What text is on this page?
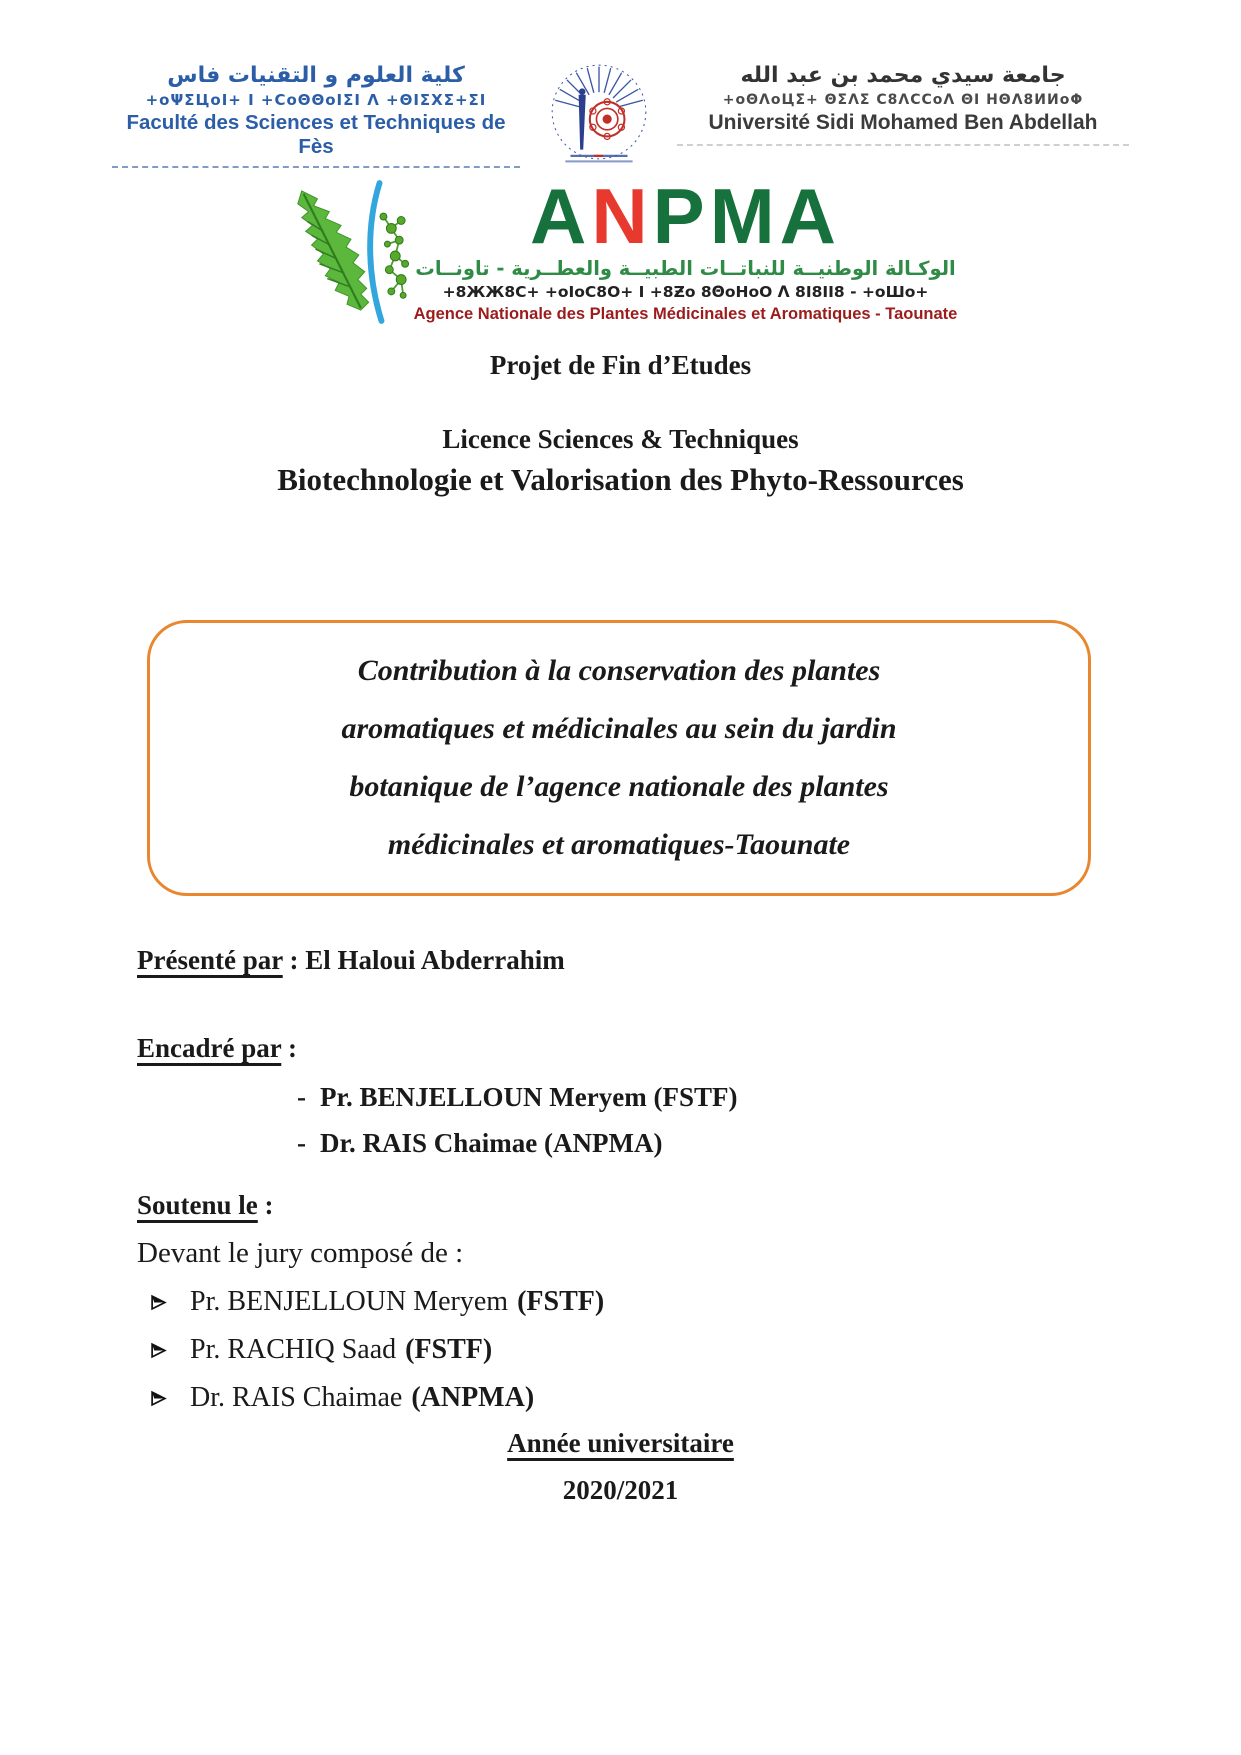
كلية العلوم و التقنيات فاس
+oΨΣЦoI+ I +CoΘΘoIΣI Λ +ΘIΣΧΣ+ΣI
Faculté des Sciences et Techniques de Fès
جامعة سيدي محمد بن عبد الله
+oΘΛoЦΣ+ ΘΣΛΣ C8ΛCCoΛ ΘI HΘΛ8ИИoΦ
Université Sidi Mohamed Ben Abdellah
ANPMA
الوكـالة الوطنيــة للنباتــات الطبيــة والعطــرية - تاونــات
+8ЖЖ8C+ +oIoC8O+ I +8Ƶo 8ΘoHoO Λ 8I8II8 - +oШo+
Agence Nationale des Plantes Médicinales et Aromatiques - Taounate
Projet de Fin d’Etudes
Licence Sciences & Techniques
Biotechnologie et Valorisation des Phyto-Ressources
Contribution à la conservation des plantes
aromatiques et médicinales au sein du jardin
botanique de l’agence nationale des plantes
médicinales et aromatiques-Taounate
Présenté par : El Haloui Abderrahim
Encadré par :
- Pr. BENJELLOUN Meryem (FSTF)
- Dr. RAIS Chaimae (ANPMA)
Soutenu le :
Devant le jury composé de :
Pr. BENJELLOUN Meryem (FSTF)
Pr. RACHIQ Saad (FSTF)
Dr. RAIS Chaimae (ANPMA)
Année universitaire
2020/2021
